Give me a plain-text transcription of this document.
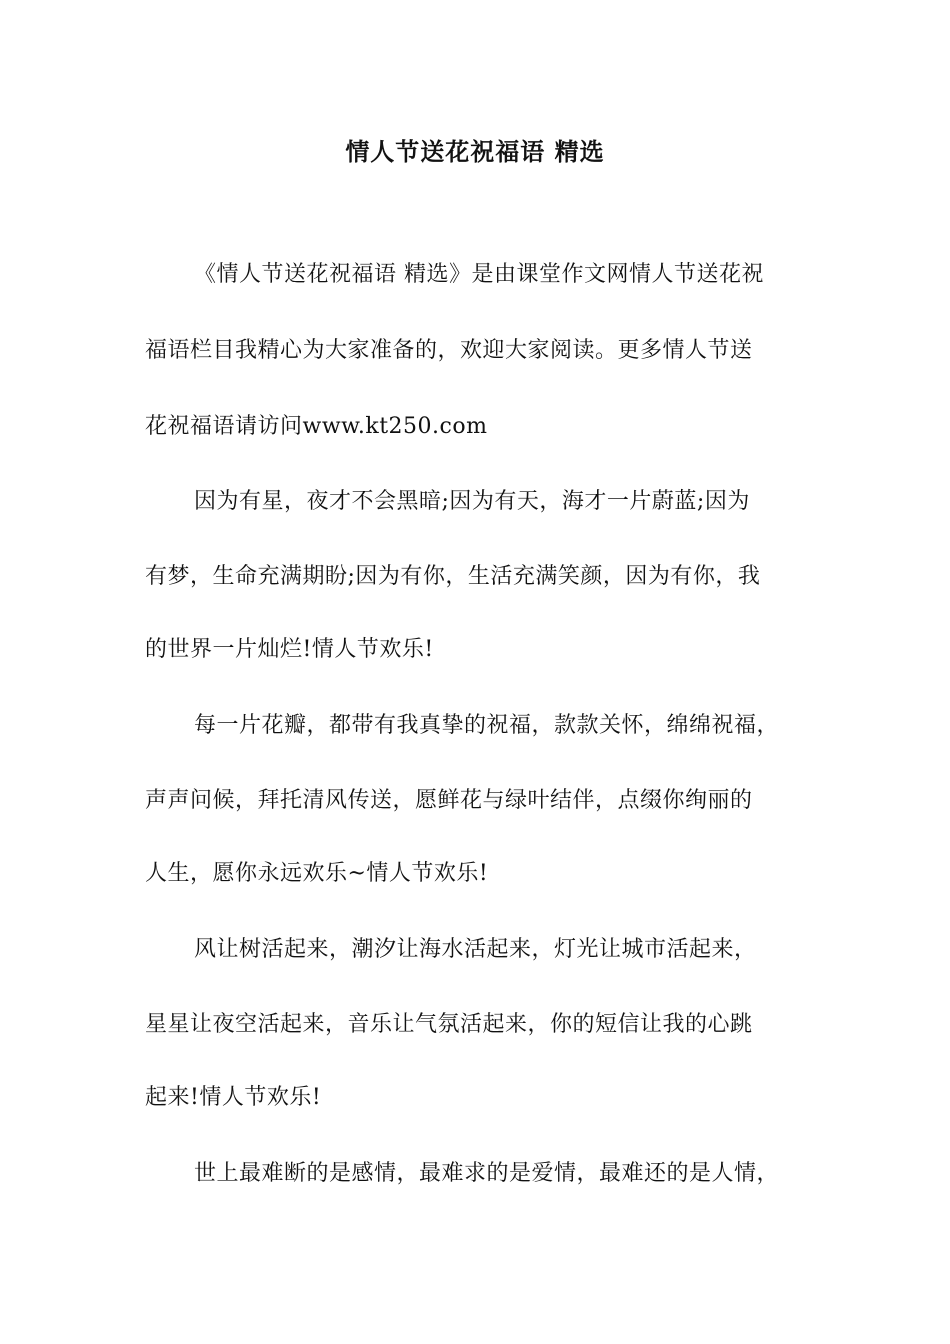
情人节送花祝福语 精选
《情人节送花祝福语 精选》是由课堂作文网情人节送花祝
福语栏目我精心为大家准备的，欢迎大家阅读。更多情人节送
花祝福语请访问www.kt250.com
因为有星，夜才不会黑暗;因为有天，海才一片蔚蓝;因为
有梦，生命充满期盼;因为有你，生活充满笑颜，因为有你，我
的世界一片灿烂!情人节欢乐!
每一片花瓣，都带有我真挚的祝福，款款关怀，绵绵祝福，
声声问候，拜托清风传送，愿鲜花与绿叶结伴，点缀你绚丽的
人生，愿你永远欢乐~情人节欢乐!
风让树活起来，潮汐让海水活起来，灯光让城市活起来，
星星让夜空活起来，音乐让气氛活起来，你的短信让我的心跳
起来!情人节欢乐!
世上最难断的是感情，最难求的是爱情，最难还的是人情，
